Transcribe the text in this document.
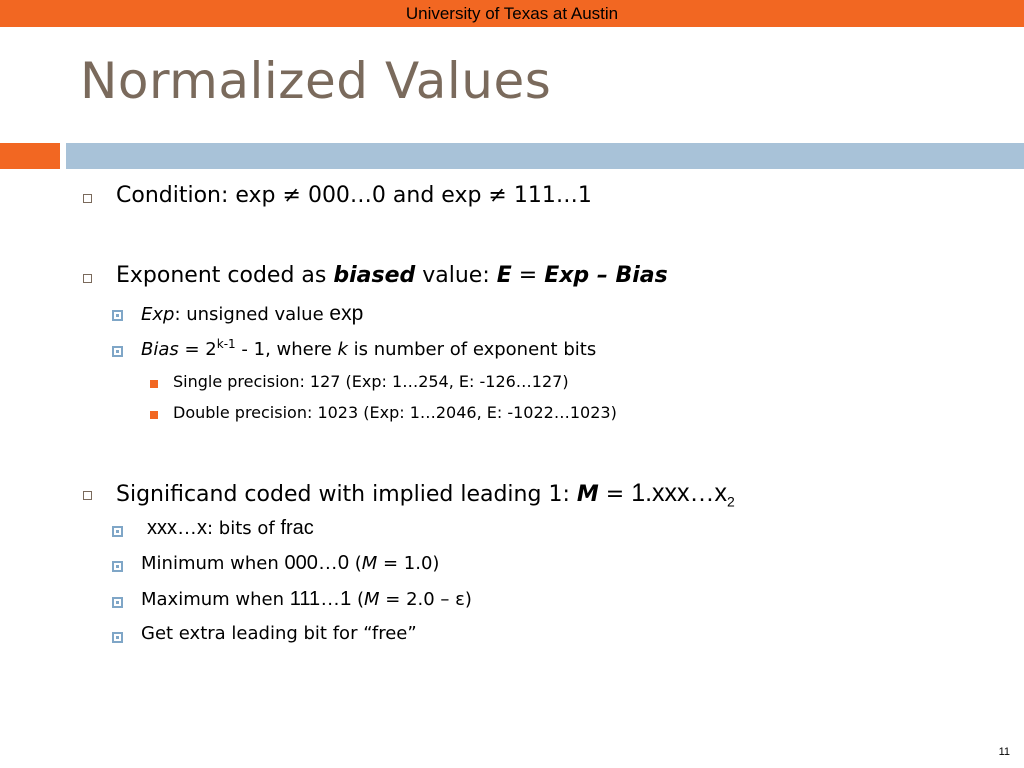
University of Texas at Austin
Normalized Values
Condition: exp ≠ 000…0 and exp ≠ 111…1
Exponent coded as biased value: E = Exp – Bias
Exp: unsigned value exp
Bias = $2^{k-1} - 1$, where k is number of exponent bits
Single precision: 127 (Exp: 1…254, E: -126…127)
Double precision: 1023 (Exp: 1…2046, E: -1022…1023)
Significand coded with implied leading 1: $M = 1.xxx\dots x_2$
xxx…x: bits of frac
Minimum when 000…0 (M = 1.0)
Maximum when 111…1 (M = 2.0 – ε)
Get extra leading bit for “free”
11
